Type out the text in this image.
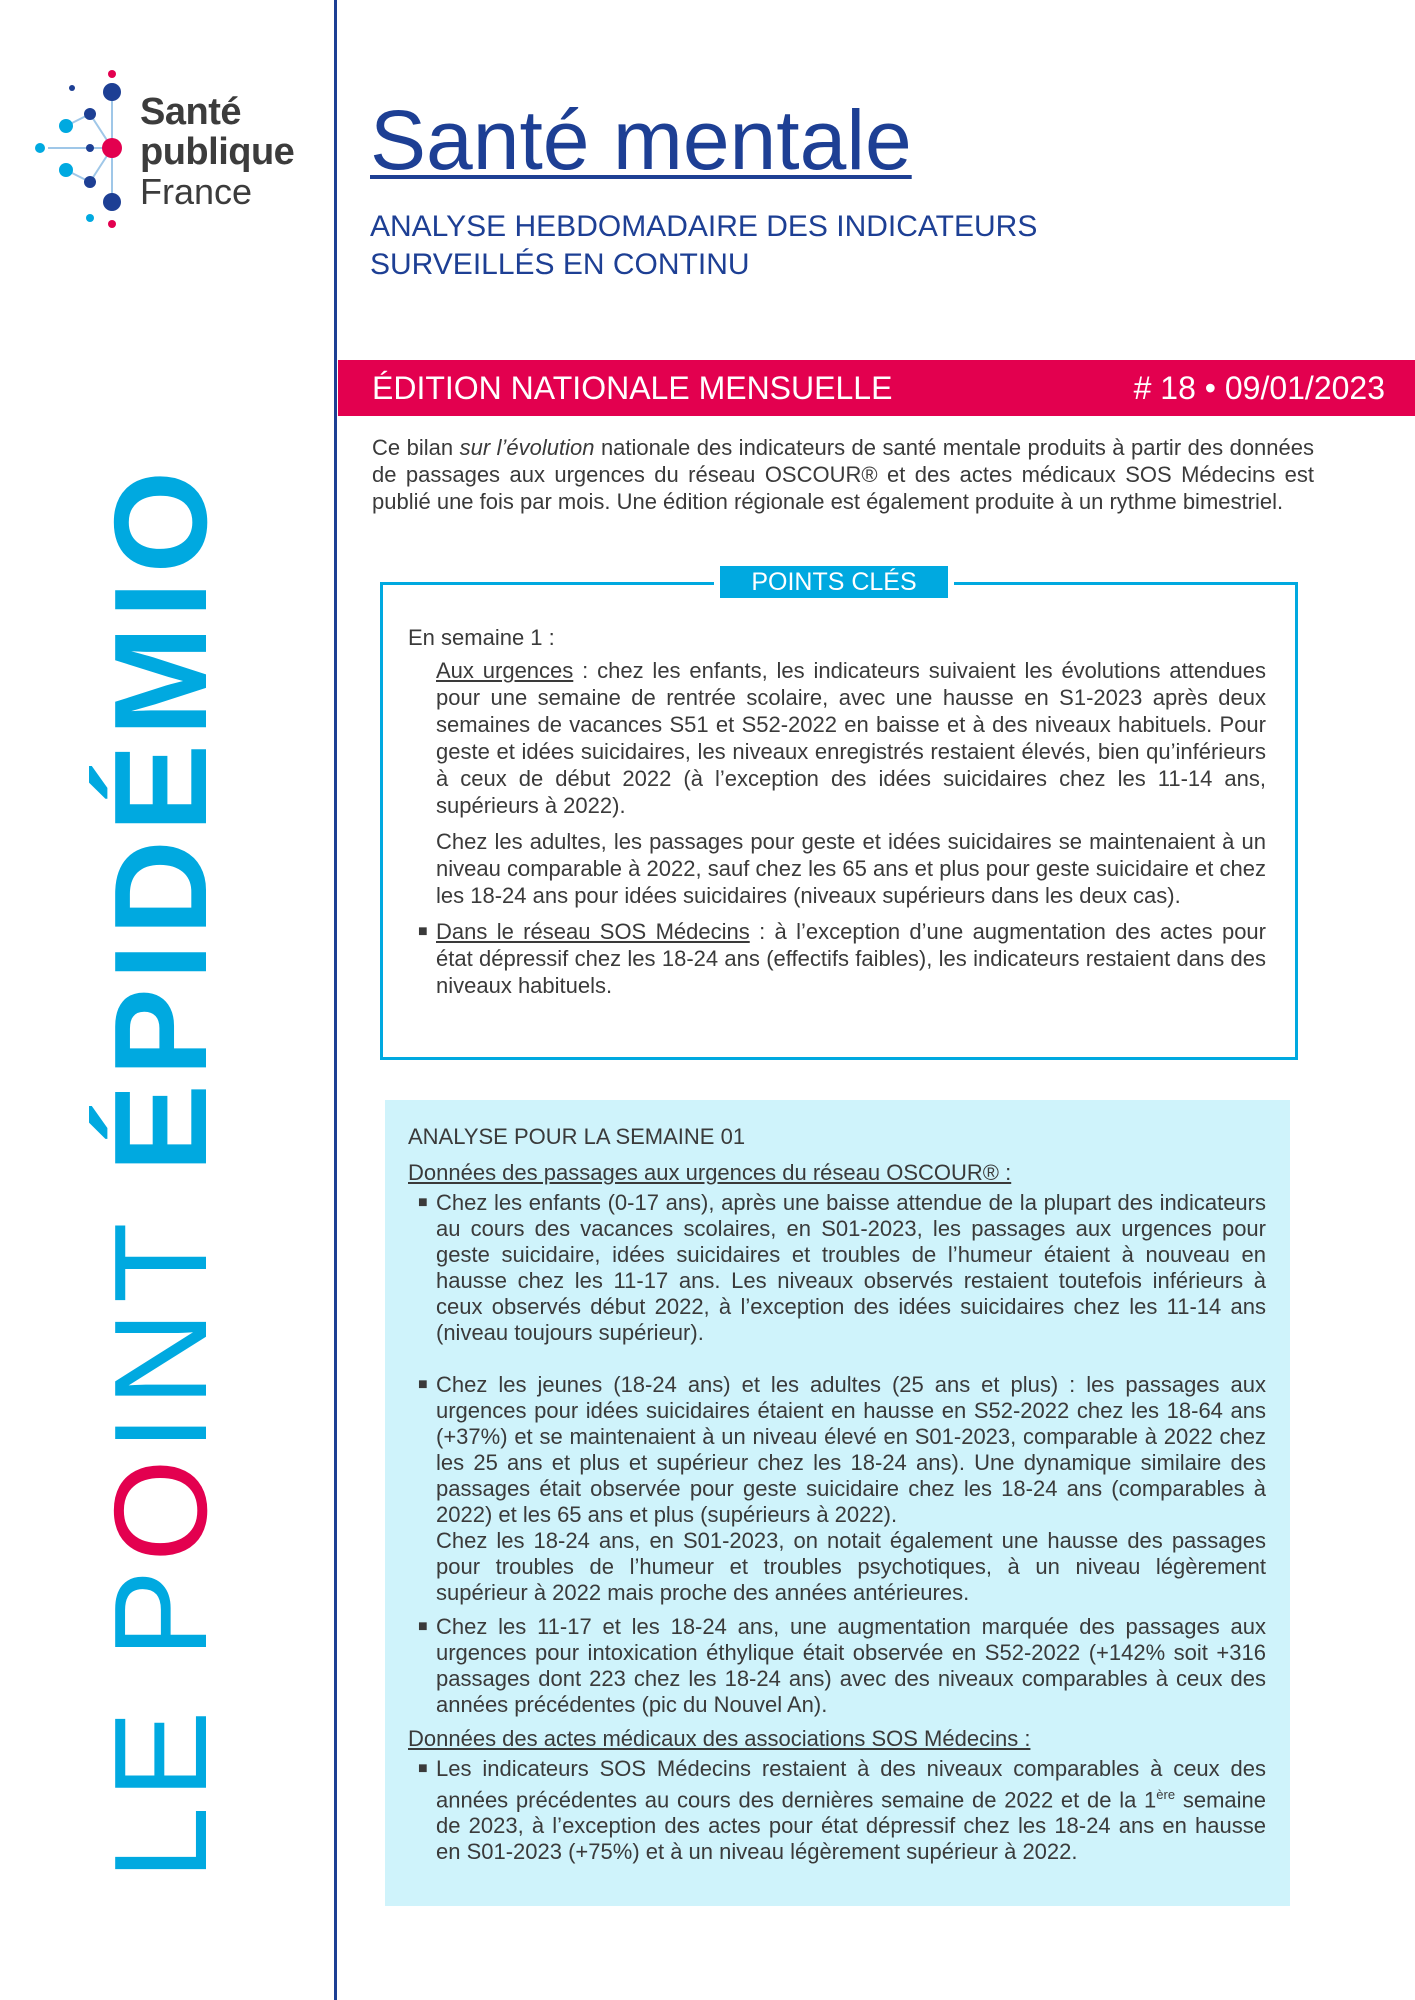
Santé
publique
France
LE POINT ÉPIDÉMIO
Santé mentale
ANALYSE HEBDOMADAIRE DES INDICATEURS
SURVEILLÉS EN CONTINU
ÉDITION NATIONALE MENSUELLE	# 18 • 09/01/2023
Ce bilan sur l’évolution nationale des indicateurs de santé mentale produits à partir des données de passages aux urgences du réseau OSCOUR® et des actes médicaux SOS Médecins est publié une fois par mois. Une édition régionale est également produite à un rythme bimestriel.
POINTS CLÉS
En semaine 1 :
Aux urgences : chez les enfants, les indicateurs suivaient les évolutions attendues pour une semaine de rentrée scolaire, avec une hausse en S1-2023 après deux semaines de vacances S51 et S52-2022 en baisse et à des niveaux habituels. Pour geste et idées suicidaires, les niveaux enregistrés restaient élevés, bien qu’inférieurs à ceux de début 2022 (à l’exception des idées suicidaires chez les 11-14 ans, supérieurs à 2022).
Chez les adultes, les passages pour geste et idées suicidaires se maintenaient à un niveau comparable à 2022, sauf chez les 65 ans et plus pour geste suicidaire et chez les 18-24 ans pour idées suicidaires (niveaux supérieurs dans les deux cas).
■ Dans le réseau SOS Médecins : à l’exception d’une augmentation des actes pour état dépressif chez les 18-24 ans (effectifs faibles), les indicateurs restaient dans des niveaux habituels.
ANALYSE POUR LA SEMAINE 01
Données des passages aux urgences du réseau OSCOUR® :
■ Chez les enfants (0-17 ans), après une baisse attendue de la plupart des indicateurs au cours des vacances scolaires, en S01-2023, les passages aux urgences pour geste suicidaire, idées suicidaires et troubles de l’humeur étaient à nouveau en hausse chez les 11-17 ans. Les niveaux observés restaient toutefois inférieurs à ceux observés début 2022, à l’exception des idées suicidaires chez les 11-14 ans (niveau toujours supérieur).
■ Chez les jeunes (18-24 ans) et les adultes (25 ans et plus) : les passages aux urgences pour idées suicidaires étaient en hausse en S52-2022 chez les 18-64 ans (+37%) et se maintenaient à un niveau élevé en S01-2023, comparable à 2022 chez les 25 ans et plus et supérieur chez les 18-24 ans). Une dynamique similaire des passages était observée pour geste suicidaire chez les 18-24 ans (comparables à 2022) et les 65 ans et plus (supérieurs à 2022).
Chez les 18-24 ans, en S01-2023, on notait également une hausse des passages pour troubles de l’humeur et troubles psychotiques, à un niveau légèrement supérieur à 2022 mais proche des années antérieures.
■ Chez les 11-17 et les 18-24 ans, une augmentation marquée des passages aux urgences pour intoxication éthylique était observée en S52-2022 (+142% soit +316 passages dont 223 chez les 18-24 ans) avec des niveaux comparables à ceux des années précédentes (pic du Nouvel An).
Données des actes médicaux des associations SOS Médecins :
■ Les indicateurs SOS Médecins restaient à des niveaux comparables à ceux des années précédentes au cours des dernières semaine de 2022 et de la 1ère semaine de 2023, à l’exception des actes pour état dépressif chez les 18-24 ans en hausse en S01-2023 (+75%) et à un niveau légèrement supérieur à 2022.
